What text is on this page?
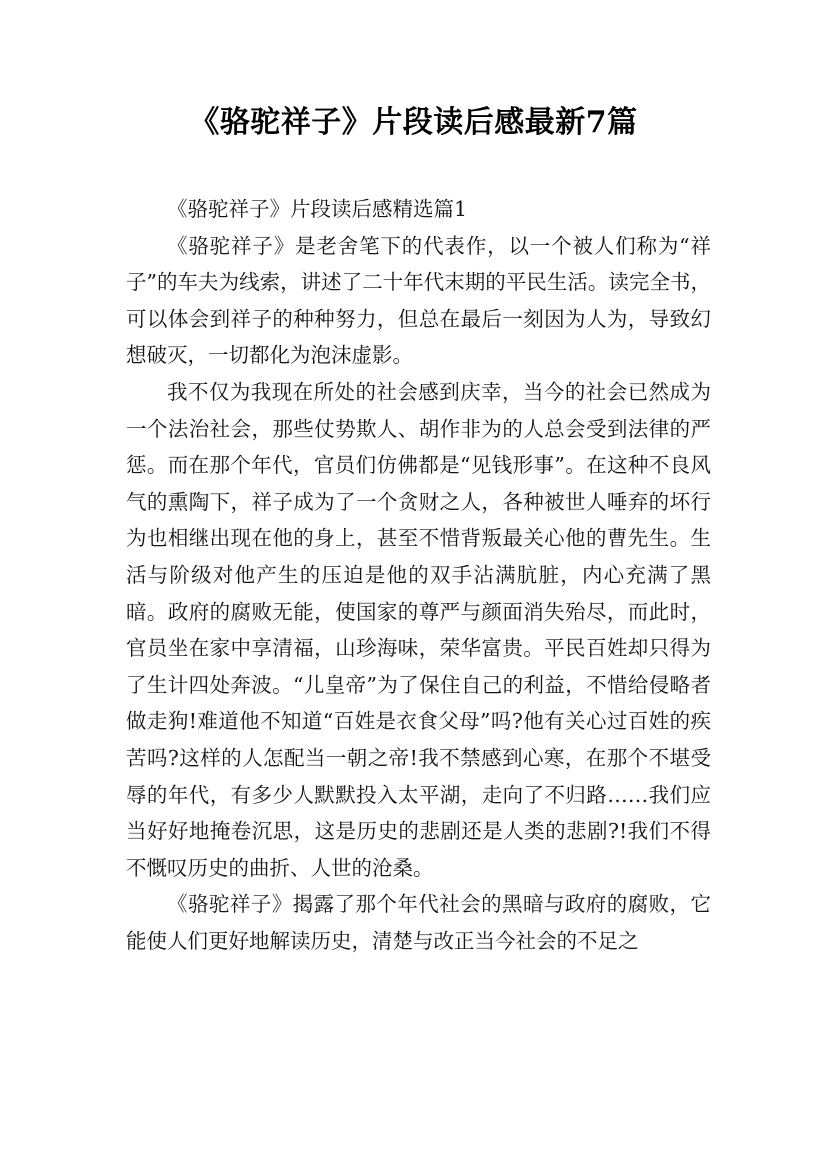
《骆驼祥子》片段读后感最新7篇

《骆驼祥子》片段读后感精选篇1

《骆驼祥子》是老舍笔下的代表作，以一个被人们称为“祥子”的车夫为线索，讲述了二十年代末期的平民生活。读完全书，可以体会到祥子的种种努力，但总在最后一刻因为人为，导致幻想破灭，一切都化为泡沫虚影。

我不仅为我现在所处的社会感到庆幸，当今的社会已然成为一个法治社会，那些仗势欺人、胡作非为的人总会受到法律的严惩。而在那个年代，官员们仿佛都是“见钱形事”。在这种不良风气的熏陶下，祥子成为了一个贪财之人，各种被世人唾弃的坏行为也相继出现在他的身上，甚至不惜背叛最关心他的曹先生。生活与阶级对他产生的压迫是他的双手沾满肮脏，内心充满了黑暗。政府的腐败无能，使国家的尊严与颜面消失殆尽，而此时，官员坐在家中享清福，山珍海味，荣华富贵。平民百姓却只得为了生计四处奔波。“儿皇帝”为了保住自己的利益，不惜给侵略者做走狗!难道他不知道“百姓是衣食父母”吗?他有关心过百姓的疾苦吗?这样的人怎配当一朝之帝!我不禁感到心寒，在那个不堪受辱的年代，有多少人默默投入太平湖，走向了不归路……我们应当好好地掩卷沉思，这是历史的悲剧还是人类的悲剧?!我们不得不慨叹历史的曲折、人世的沧桑。

《骆驼祥子》揭露了那个年代社会的黑暗与政府的腐败，它能使人们更好地解读历史，清楚与改正当今社会的不足之
